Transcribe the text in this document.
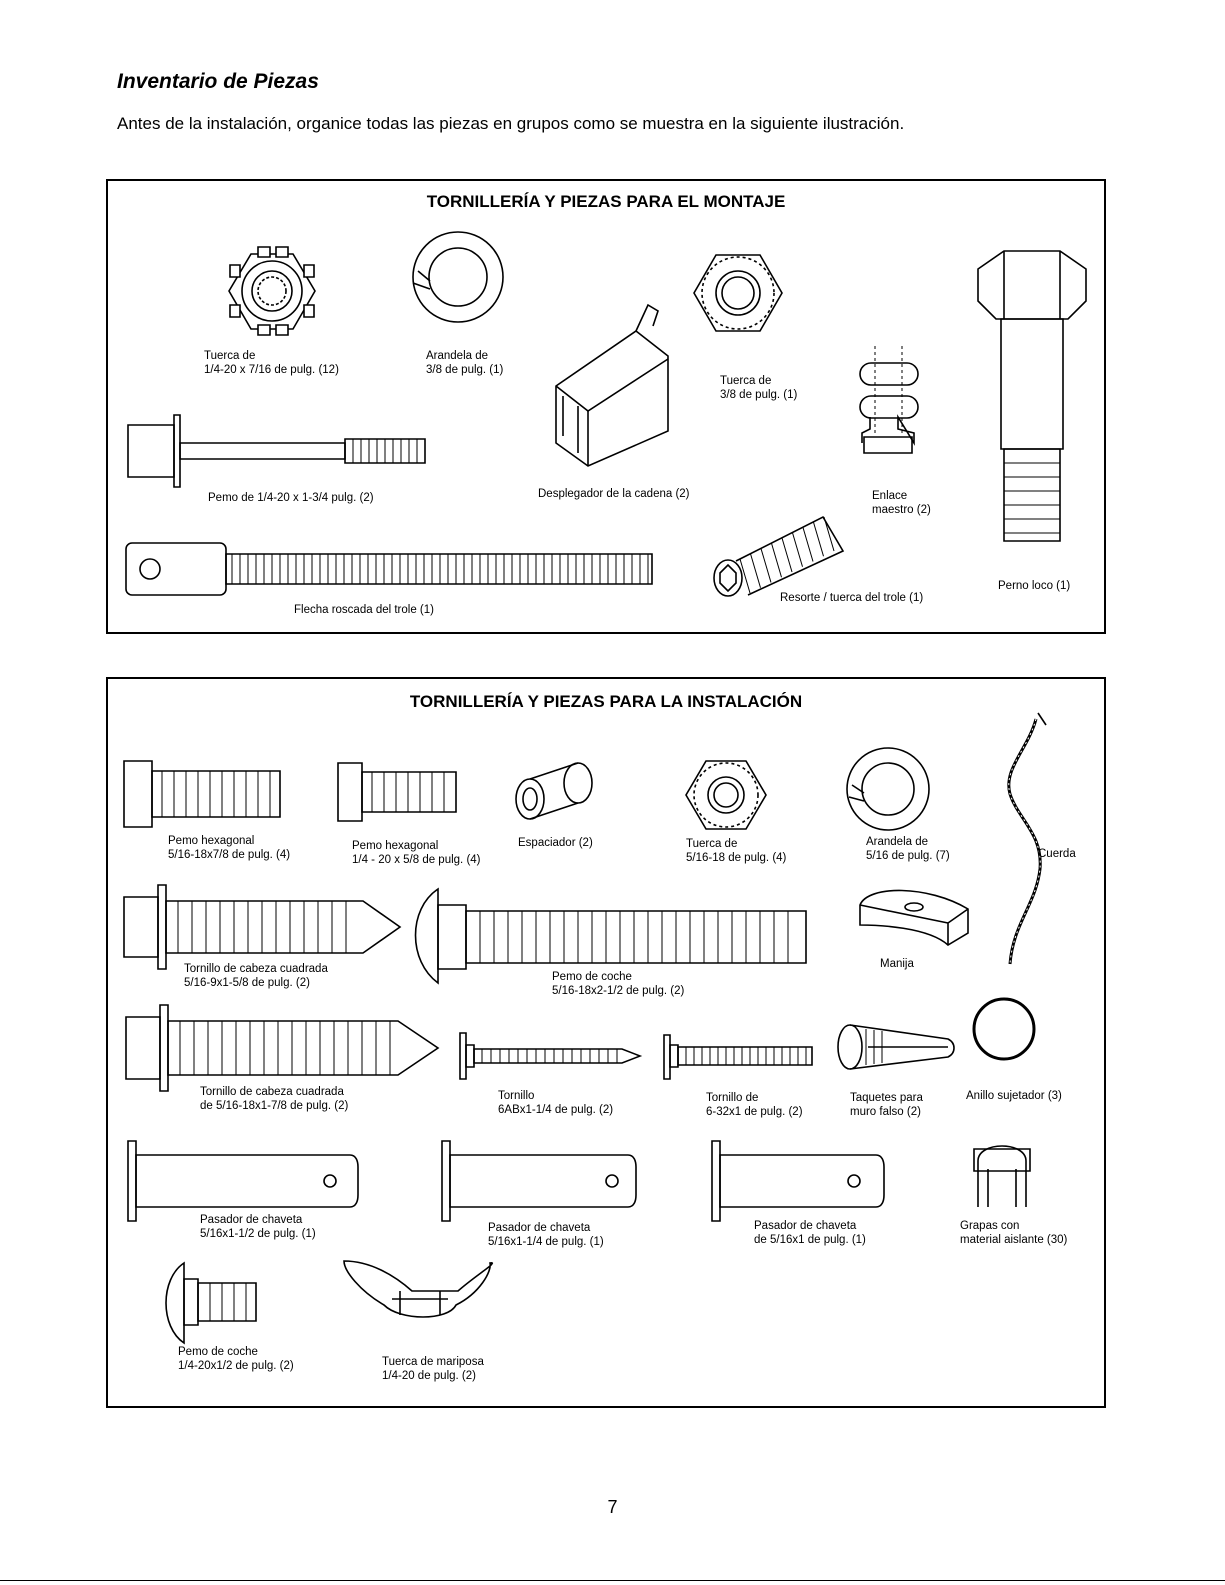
Inventario de Piezas

Antes de la instalación, organice todas las piezas en grupos como se muestra en la siguiente ilustración.

TORNILLERÍA Y PIEZAS PARA EL MONTAJE

Tuerca de
1/4-20 x 7/16 de pulg. (12)
Arandela de
3/8 de pulg. (1)
Tuerca de
3/8 de pulg. (1)
Pemo de 1/4-20 x 1-3/4 pulg. (2)	Desplegador de la cadena (2)	Enlace
maestro (2)
Flecha roscada del trole (1)
Resorte / tuerca del trole (1)
Perno loco (1)

TORNILLERÍA Y PIEZAS PARA LA INSTALACIÓN

Pemo hexagonal
5/16-18x7/8 de pulg. (4)
Pemo hexagonal
1/4 - 20 x 5/8 de pulg. (4)
Espaciador (2)	Tuerca de
5/16-18 de pulg. (4)
Arandela de
5/16 de pulg. (7)	Cuerda
Tornillo de cabeza cuadrada
5/16-9x1-5/8 de pulg. (2)	Pemo de coche
5/16-18x2-1/2 de pulg. (2)
Manija
Tornillo de cabeza cuadrada
de 5/16-18x1-7/8 de pulg. (2)
Tornillo
6ABx1-1/4 de pulg. (2)
Tornillo de
6-32x1 de pulg. (2)
Taquetes para
muro falso (2)
Anillo sujetador (3)
Pasador de chaveta
5/16x1-1/2 de pulg. (1)	Pasador de chaveta
5/16x1-1/4 de pulg. (1)
Pasador de chaveta
de 5/16x1 de pulg. (1)
Grapas con
material aislante (30)
Pemo de coche
1/4-20x1/2 de pulg. (2)	Tuerca de mariposa
1/4-20 de pulg. (2)
7
